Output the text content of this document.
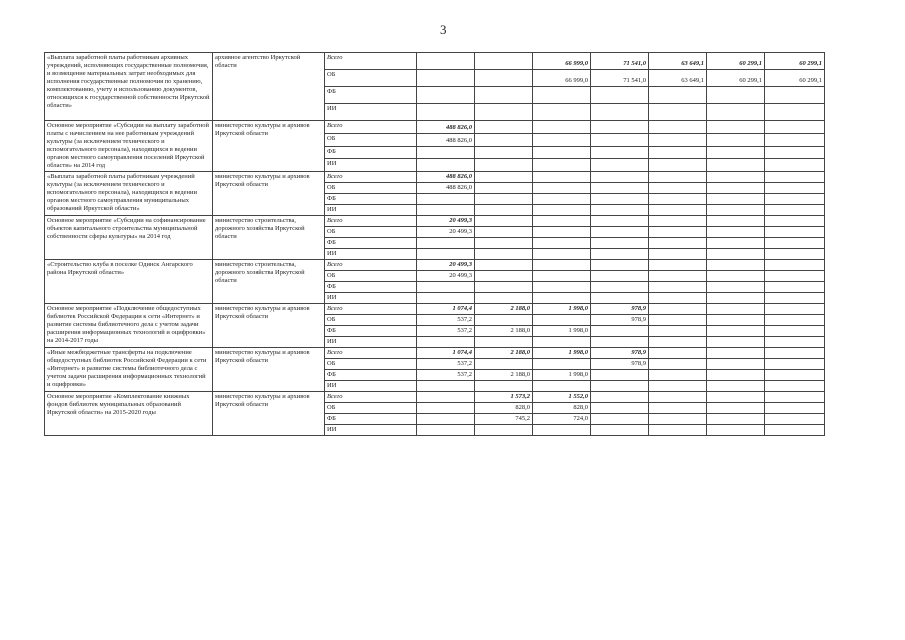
3
«Выплата заработной платы работникам архивных учреждений, исполняющих государственные полномочия, и возмещение материальных затрат необходимых для исполнения государственные полномочия по хранению, комплектованию, учету и использованию документов, относящихся к государственной собственности Иркутской области»	архивное агентство Иркутской области	Всего			66 999,0	71 541,0	63 649,1	60 299,1	60 299,1
		ОБ			66 999,0	71 541,0	63 649,1	60 299,1	60 299,1
		ФБ							
		ИИ							
Основное мероприятие «Субсидии на выплату заработной платы с начислением на нее работникам учреждений культуры (за исключением технического и вспомогательного персонала), находящихся в ведении органов местного самоуправления поселений Иркутской области» на 2014 год	министерство культуры и архивов Иркутской области	Всего	488 826,0						
		ОБ	488 826,0						
		ФБ							
		ИИ							
«Выплата заработной платы работникам учреждений культуры (за исключением технического и вспомогательного персонала), находящихся в ведении органов местного самоуправления муниципальных образований Иркутской области»	министерство культуры и архивов Иркутской области	Всего	488 826,0						
		ОБ	488 826,0						
		ФБ							
		ИИ							
Основное мероприятие «Субсидии на софинансирование объектов капитального строительства муниципальной собственности сферы культуры» на 2014 год	министерство строительства, дорожного хозяйства Иркутской области	Всего	20 499,3						
		ОБ	20 499,3						
		ФБ							
		ИИ							
«Строительство клуба в поселке Одинск Ангарского района Иркутской области»	министерство строительства, дорожного хозяйства Иркутской области	Всего	20 499,3						
		ОБ	20 499,3						
		ФБ							
		ИИ							
Основное мероприятие «Подключение общедоступных библиотек Российской Федерации к сети «Интернет» и развитие системы библиотечного дела с учетом задачи расширения информационных технологий и оцифровки» на 2014-2017 годы	министерство культуры и архивов Иркутской области	Всего	1 074,4	2 188,0	1 998,0	978,9			
		ОБ	537,2			978,9			
		ФБ	537,2	2 188,0	1 998,0				
		ИИ							
«Иные межбюджетные трансферты на подключение общедоступных библиотек Российской Федерации к сети «Интернет» и развитие системы библиотечного дела с учетом задачи расширения информационных технологий и оцифровки»	министерство культуры и архивов Иркутской области	Всего	1 074,4	2 188,0	1 998,0	978,9			
		ОБ	537,2			978,9			
		ФБ	537,2	2 188,0	1 998,0				
		ИИ							
Основное мероприятие «Комплектование книжных фондов библиотек муниципальных образований Иркутской области» на 2015-2020 годы	министерство культуры и архивов Иркутской области	Всего		1 573,2	1 552,0				
		ОБ		828,0	828,0				
		ФБ		745,2	724,0				
		ИИ							
